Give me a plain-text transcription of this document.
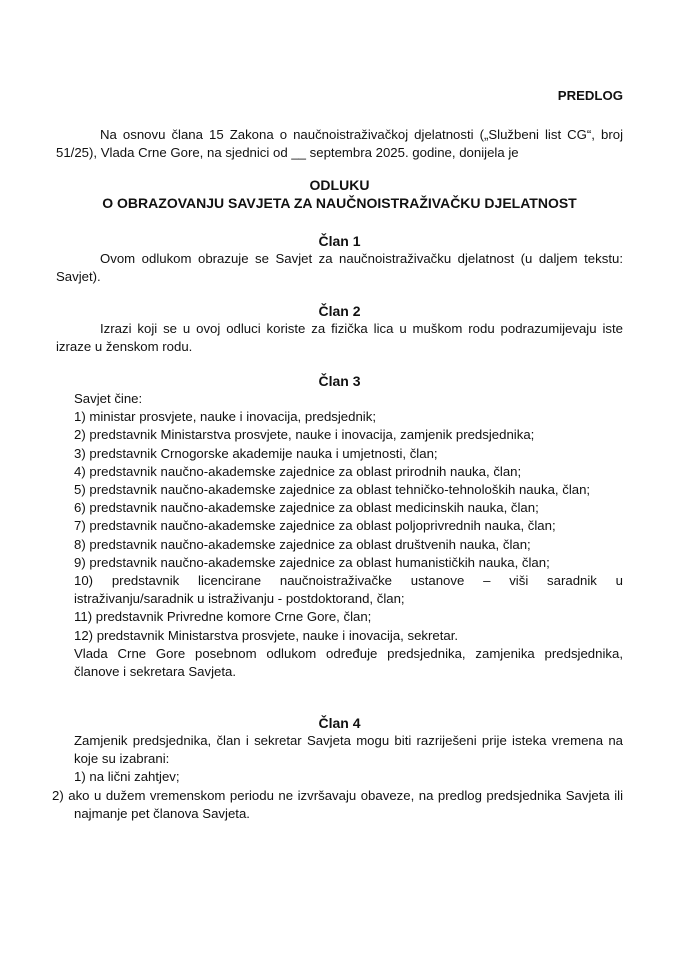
PREDLOG

Na osnovu člana 15 Zakona o naučnoistraživačkoj djelatnosti („Službeni list CG“, broj 51/25), Vlada Crne Gore, na sjednici od __ septembra 2025. godine, donijela je

ODLUKU
O OBRAZOVANJU SAVJETA ZA NAUČNOISTRAŽIVAČKU DJELATNOST
Član 1

Ovom odlukom obrazuje se Savjet za naučnoistraživačku djelatnost (u daljem tekstu: Savjet).

Član 2

Izrazi koji se u ovoj odluci koriste za fizička lica u muškom rodu podrazumijevaju iste izraze u ženskom rodu.

Član 3
Savjet čine:
1) ministar prosvjete, nauke i inovacija, predsjednik;
2) predstavnik Ministarstva prosvjete, nauke i inovacija, zamjenik predsjednika;
3) predstavnik Crnogorske akademije nauka i umjetnosti, član;
4) predstavnik naučno-akademske zajednice za oblast prirodnih nauka, član;
5) predstavnik naučno-akademske zajednice za oblast tehničko-tehnoloških nauka, član;
6) predstavnik naučno-akademske zajednice za oblast medicinskih nauka, član;
7) predstavnik naučno-akademske zajednice za oblast poljoprivrednih nauka, član;
8) predstavnik naučno-akademske zajednice za oblast društvenih nauka, član;
9) predstavnik naučno-akademske zajednice za oblast humanističkih nauka, član;
10) predstavnik licencirane naučnoistraživačke ustanove – viši saradnik u istraživanju/saradnik u istraživanju - postdoktorand, član;
11) predstavnik Privredne komore Crne Gore, član;
12) predstavnik Ministarstva prosvjete, nauke i inovacija, sekretar.

Vlada Crne Gore posebnom odlukom određuje predsjednika, zamjenika predsjednika, članove i sekretara Savjeta.

Član 4

Zamjenik predsjednika, član i sekretar Savjeta mogu biti razriješeni prije isteka vremena na koje su izabrani:

1) na lični zahtjev;
2) ako u dužem vremenskom periodu ne izvršavaju obaveze, na predlog predsjednika Savjeta ili najmanje pet članova Savjeta.
